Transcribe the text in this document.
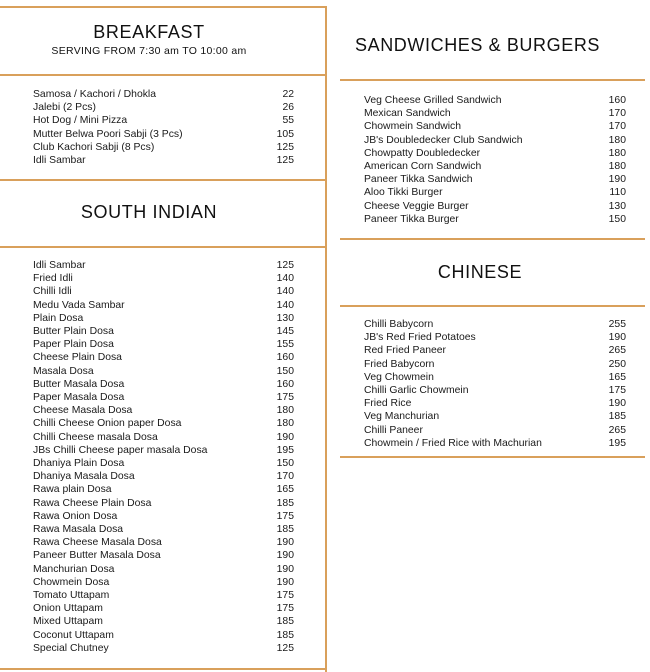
BREAKFAST
SERVING FROM 7:30 am TO 10:00 am
Samosa / Kachori / Dhokla	22
Jalebi (2 Pcs)	26
Hot Dog / Mini Pizza	55
Mutter Belwa Poori Sabji (3 Pcs)	105
Club Kachori Sabji (8 Pcs)	125
Idli Sambar	125
SOUTH INDIAN
Idli Sambar	125
Fried Idli	140
Chilli Idli	140
Medu Vada Sambar	140
Plain Dosa	130
Butter Plain Dosa	145
Paper Plain Dosa	155
Cheese Plain Dosa	160
Masala Dosa	150
Butter Masala Dosa	160
Paper Masala Dosa	175
Cheese Masala Dosa	180
Chilli Cheese Onion paper Dosa	180
Chilli Cheese masala Dosa	190
JBs Chilli Cheese paper masala Dosa	195
Dhaniya Plain Dosa	150
Dhaniya Masala Dosa	170
Rawa plain Dosa	165
Rawa Cheese Plain Dosa	185
Rawa Onion Dosa	175
Rawa Masala Dosa	185
Rawa Cheese Masala Dosa	190
Paneer Butter Masala Dosa	190
Manchurian Dosa	190
Chowmein Dosa	190
Tomato Uttapam	175
Onion Uttapam	175
Mixed Uttapam	185
Coconut Uttapam	185
Special Chutney	125
SANDWICHES & BURGERS
Veg Cheese Grilled Sandwich	160
Mexican Sandwich	170
Chowmein Sandwich	170
JB's Doubledecker Club Sandwich	180
Chowpatty Doubledecker	180
American Corn Sandwich	180
Paneer Tikka Sandwich	190
Aloo Tikki Burger	110
Cheese Veggie Burger	130
Paneer Tikka Burger	150
CHINESE
Chilli Babycorn	255
JB's Red Fried Potatoes	190
Red Fried Paneer	265
Fried Babycorn	250
Veg Chowmein	165
Chilli Garlic Chowmein	175
Fried Rice	190
Veg Manchurian	185
Chilli Paneer	265
Chowmein / Fried Rice with Machurian	195
